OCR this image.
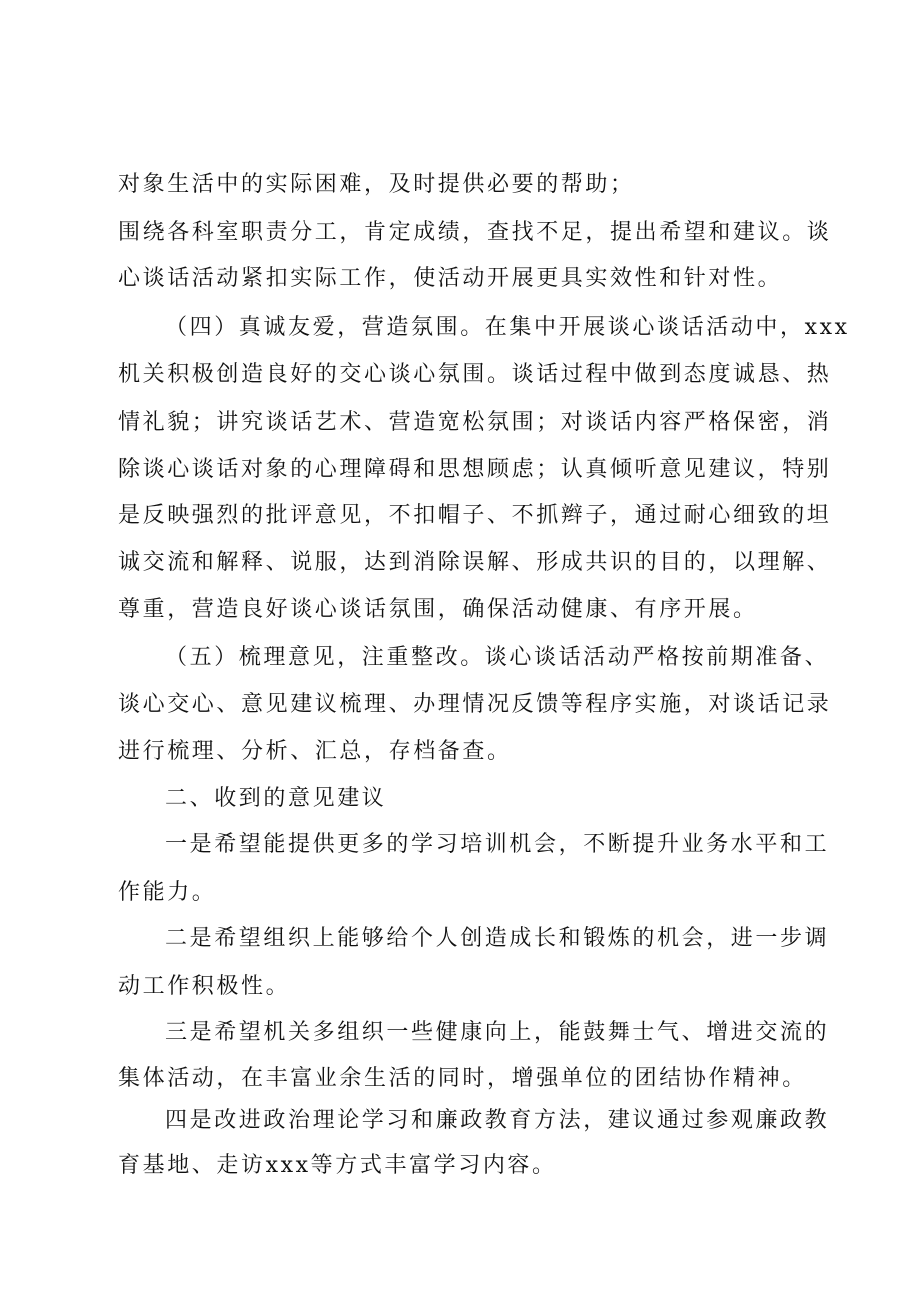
对象生活中的实际困难，及时提供必要的帮助；
围绕各科室职责分工，肯定成绩，查找不足，提出希望和建议。谈
心谈话活动紧扣实际工作，使活动开展更具实效性和针对性。
（四）真诚友爱，营造氛围。在集中开展谈心谈话活动中，xxx
机关积极创造良好的交心谈心氛围。谈话过程中做到态度诚恳、热
情礼貌；讲究谈话艺术、营造宽松氛围；对谈话内容严格保密，消
除谈心谈话对象的心理障碍和思想顾虑；认真倾听意见建议，特别
是反映强烈的批评意见，不扣帽子、不抓辫子，通过耐心细致的坦
诚交流和解释、说服，达到消除误解、形成共识的目的，以理解、
尊重，营造良好谈心谈话氛围，确保活动健康、有序开展。
（五）梳理意见，注重整改。谈心谈话活动严格按前期准备、
谈心交心、意见建议梳理、办理情况反馈等程序实施，对谈话记录
进行梳理、分析、汇总，存档备查。
二、收到的意见建议
一是希望能提供更多的学习培训机会，不断提升业务水平和工
作能力。
二是希望组织上能够给个人创造成长和锻炼的机会，进一步调
动工作积极性。
三是希望机关多组织一些健康向上，能鼓舞士气、增进交流的
集体活动，在丰富业余生活的同时，增强单位的团结协作精神。
四是改进政治理论学习和廉政教育方法，建议通过参观廉政教
育基地、走访xxx等方式丰富学习内容。
